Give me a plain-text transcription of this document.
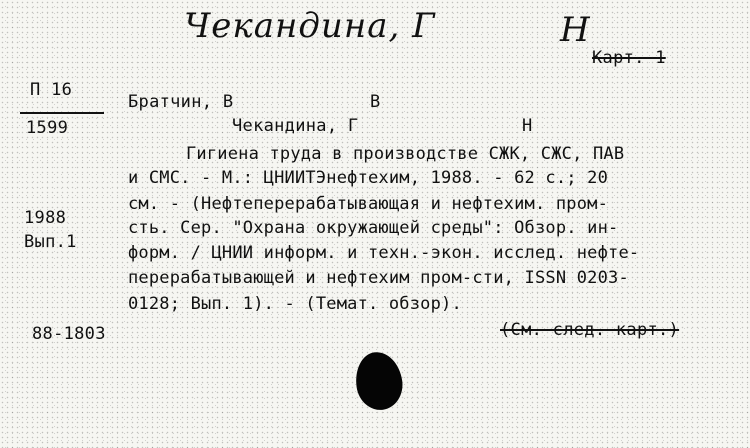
Чекандина, Г	Н
Карт. 1
П 16
1599
1988
Вып.1
88-1803
Братчин, В	В
Чекандина, Г	Н
Гигиена труда в производстве СЖК, СЖС, ПАВ
и СМС. - М.: ЦНИИТЭнефтехим, 1988. - 62 с.; 20
см. - (Нефтеперерабатывающая и нефтехим. пром-
сть. Сер. "Охрана окружающей среды": Обзор. ин-
форм. / ЦНИИ информ. и техн.-экон. исслед. нефте-
перерабатывающей и нефтехим пром-сти, ISSN 0203-
0128; Вып. 1). - (Темат. обзор).
(См. след. карт.)
